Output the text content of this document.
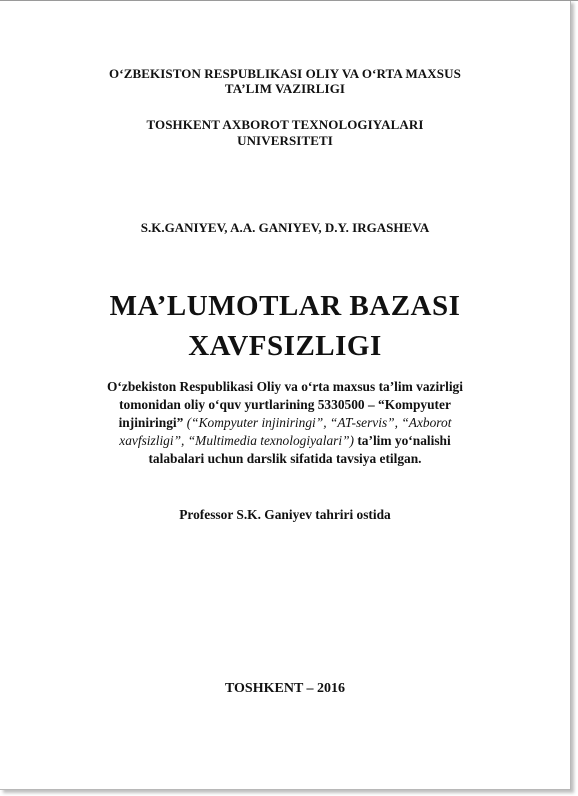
O‘ZBEKISTON RESPUBLIKASI OLIY VA O‘RTA MAXSUS
TA’LIM VAZIRLIGI
TOSHKENT AXBOROT TEXNOLOGIYALARI
UNIVERSITETI
S.K.GANIYEV, A.A. GANIYEV, D.Y. IRGASHEVA
MA’LUMOTLAR BAZASI
XAVFSIZLIGI
O‘zbekiston Respublikasi Oliy va o‘rta maxsus ta’lim vazirligi
tomonidan oliy o‘quv yurtlarining 5330500 – “Kompyuter
injiniringi” (“Kompyuter injiniringi”, “AT-servis”, “Axborot
xavfsizligi”, “Multimedia texnologiyalari”) ta’lim yo‘nalishi
talabalari uchun darslik sifatida tavsiya etilgan.
Professor S.K. Ganiyev tahriri ostida
TOSHKENT – 2016
